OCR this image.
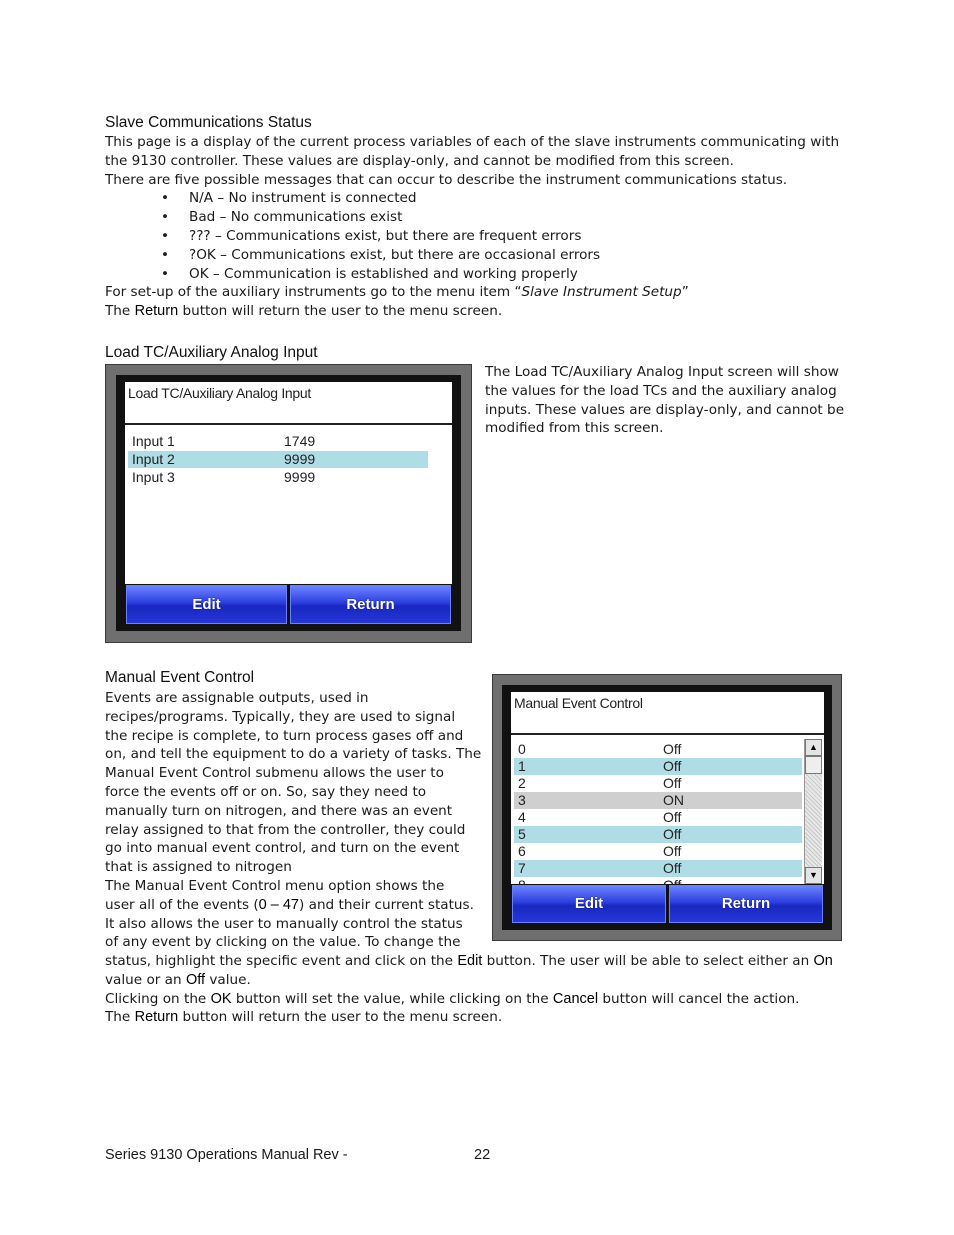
Slave Communications Status

This page is a display of the current process variables of each of the slave instruments communicating with the 9130 controller. These values are display-only, and cannot be modified from this screen.

There are five possible messages that can occur to describe the instrument communications status.

• N/A – No instrument is connected
• Bad – No communications exist
• ??? – Communications exist, but there are frequent errors
• ?OK – Communications exist, but there are occasional errors
• OK – Communication is established and working properly

For set-up of the auxiliary instruments go to the menu item “Slave Instrument Setup”

The Return button will return the user to the menu screen.

Load TC/Auxiliary Analog Input
Load TC/Auxiliary Analog Input
Input 1	1749
Input 2	9999
Input 3	9999
Edit	Return

The Load TC/Auxiliary Analog Input screen will show the values for the load TCs and the auxiliary analog inputs. These values are display-only, and cannot be modified from this screen.

Manual Event Control
Events are assignable outputs, used in
recipes/programs. Typically, they are used to signal
the recipe is complete, to turn process gases off and
on, and tell the equipment to do a variety of tasks. The
Manual Event Control submenu allows the user to
force the events off or on. So, say they need to
manually turn on nitrogen, and there was an event
relay assigned to that from the controller, they could
go into manual event control, and turn on the event
that is assigned to nitrogen
The Manual Event Control menu option shows the
user all of the events (0 – 47) and their current status.
It also allows the user to manually control the status
of any event by clicking on the value. To change the
status, highlight the specific event and click on the Edit button. The user will be able to select either an On
value or an Off value.
Clicking on the OK button will set the value, while clicking on the Cancel button will cancel the action.
The Return button will return the user to the menu screen.
Manual Event Control
0	Off
1	Off
2	Off
3	ON
4	Off
5	Off
6	Off
7	Off
▲
▼
Edit	Return
Series 9130 Operations Manual Rev -	22
